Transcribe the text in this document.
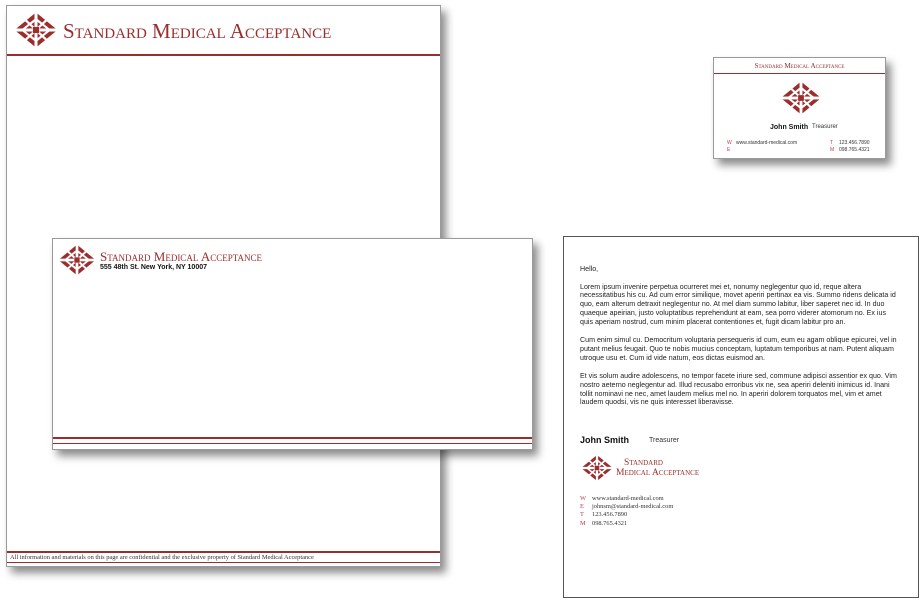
Standard Medical Acceptance
All information and materials on this page are confidential and the exclusive property of Standard Medical Acceptance
Standard Medical Acceptance
555 48th St. New York, NY 10007
Standard Medical Acceptance
John Smith Treasurer
W www.standard-medical.com
E
T 123.456.7890
M 098.765.4321
Hello,

Lorem ipsum invenire perpetua ocurreret mei et, nonumy neglegentur quo id, reque altera necessitatibus his cu. Ad cum error similique, movet aperiri pertinax ea vis. Summo ridens delicata id quo, eam alterum detraxit neglegentur no. At mel diam summo labitur, liber saperet nec id. In duo quaeque apeirian, justo voluptatibus reprehendunt at eam, sea porro viderer atomorum no. Ex ius quis aperiam nostrud, cum minim placerat contentiones et, fugit dicam labitur pro an.

Cum enim simul cu. Democritum voluptaria persequeris id cum, eum eu agam oblique epicurei, vel in putant melius feugait. Quo te nobis mucius conceptam, luptatum temporibus at nam. Putent aliquam utroque usu et. Cum id vide natum, eos dictas euismod an.

Et vis solum audire adolescens, no tempor facete iriure sed, commune adipisci assentior ex quo. Vim nostro aeterno neglegentur ad. Illud recusabo erroribus vix ne, sea aperiri deleniti inimicus id. Inani tollit nominavi ne nec, amet laudem melius mel no. In aperiri dolorem torquatos mel, vim et amet laudem quodsi, vis ne quis interesset liberavisse.

John Smith	Treasurer
Standard
Medical Acceptance
W www.standard-medical.com
E johnsm@standard-medical.com
T 123.456.7890
M 098.765.4321
